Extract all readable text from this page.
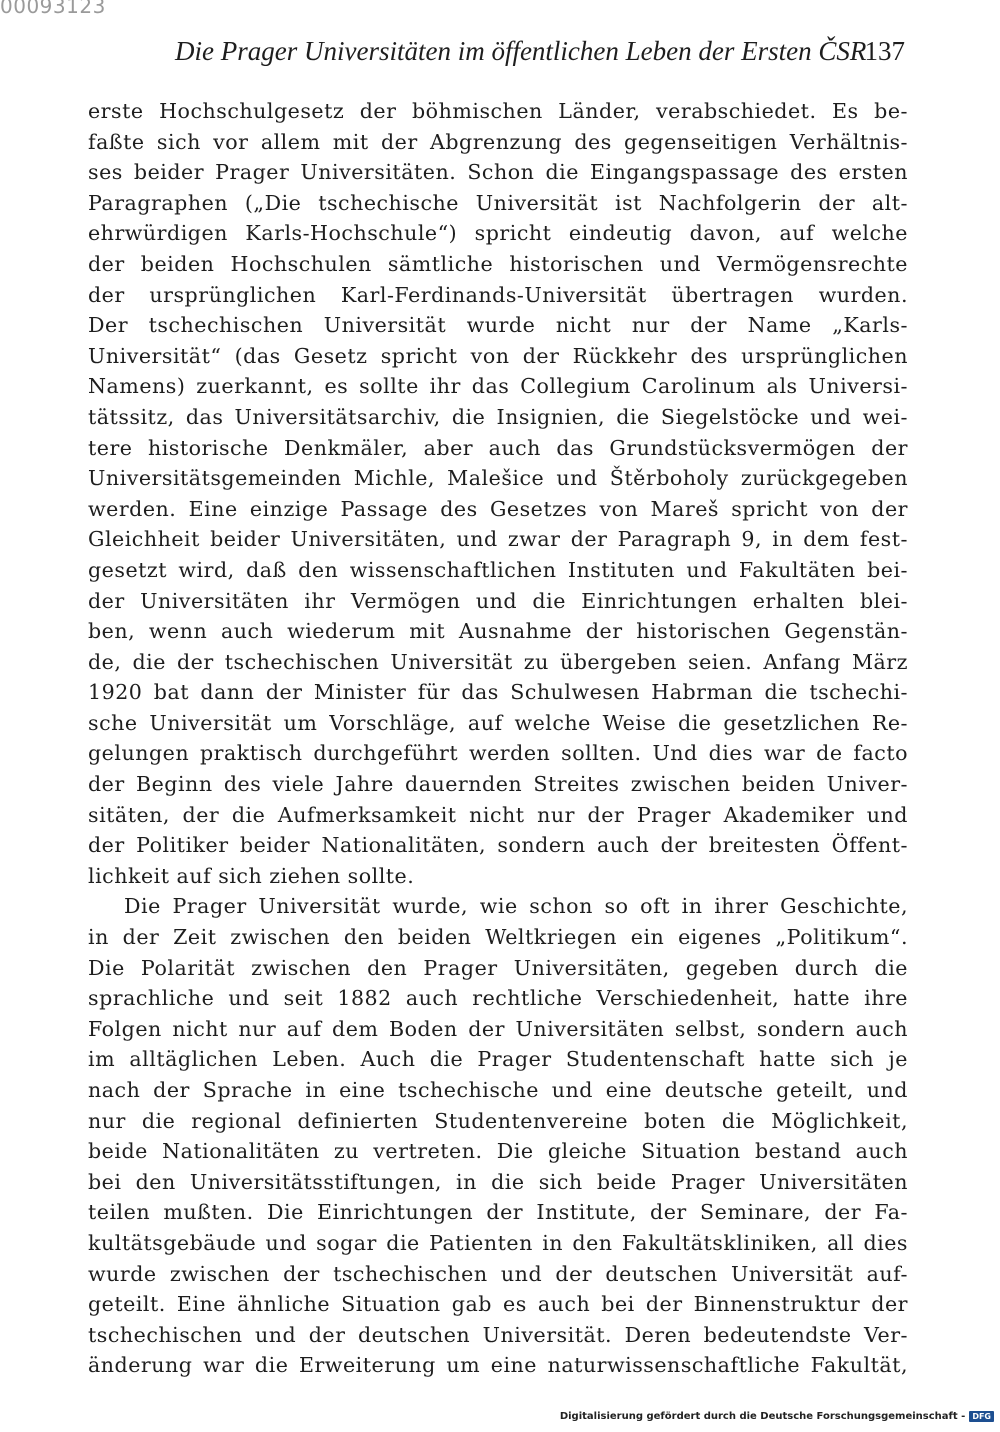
00093123
Die Prager Universitäten im öffentlichen Leben der Ersten ČSR
137
erste Hochschulgesetz der böhmischen Länder, verabschiedet. Es be-
faßte sich vor allem mit der Abgrenzung des gegenseitigen Verhältnis-
ses beider Prager Universitäten. Schon die Eingangspassage des ersten
Paragraphen („Die tschechische Universität ist Nachfolgerin der alt-
ehrwürdigen Karls-Hochschule“) spricht eindeutig davon, auf welche
der beiden Hochschulen sämtliche historischen und Vermögensrechte
der ursprünglichen Karl-Ferdinands-Universität übertragen wurden.
Der tschechischen Universität wurde nicht nur der Name „Karls-
Universität“ (das Gesetz spricht von der Rückkehr des ursprünglichen
Namens) zuerkannt, es sollte ihr das Collegium Carolinum als Universi-
tätssitz, das Universitätsarchiv, die Insignien, die Siegelstöcke und wei-
tere historische Denkmäler, aber auch das Grundstücksvermögen der
Universitätsgemeinden Michle, Malešice und Štěrboholy zurückgegeben
werden. Eine einzige Passage des Gesetzes von Mareš spricht von der
Gleichheit beider Universitäten, und zwar der Paragraph 9, in dem fest-
gesetzt wird, daß den wissenschaftlichen Instituten und Fakultäten bei-
der Universitäten ihr Vermögen und die Einrichtungen erhalten blei-
ben, wenn auch wiederum mit Ausnahme der historischen Gegenstän-
de, die der tschechischen Universität zu übergeben seien. Anfang März
1920 bat dann der Minister für das Schulwesen Habrman die tschechi-
sche Universität um Vorschläge, auf welche Weise die gesetzlichen Re-
gelungen praktisch durchgeführt werden sollten. Und dies war de facto
der Beginn des viele Jahre dauernden Streites zwischen beiden Univer-
sitäten, der die Aufmerksamkeit nicht nur der Prager Akademiker und
der Politiker beider Nationalitäten, sondern auch der breitesten Öffent-
lichkeit auf sich ziehen sollte.
Die Prager Universität wurde, wie schon so oft in ihrer Geschichte,
in der Zeit zwischen den beiden Weltkriegen ein eigenes „Politikum“.
Die Polarität zwischen den Prager Universitäten, gegeben durch die
sprachliche und seit 1882 auch rechtliche Verschiedenheit, hatte ihre
Folgen nicht nur auf dem Boden der Universitäten selbst, sondern auch
im alltäglichen Leben. Auch die Prager Studentenschaft hatte sich je
nach der Sprache in eine tschechische und eine deutsche geteilt, und
nur die regional definierten Studentenvereine boten die Möglichkeit,
beide Nationalitäten zu vertreten. Die gleiche Situation bestand auch
bei den Universitätsstiftungen, in die sich beide Prager Universitäten
teilen mußten. Die Einrichtungen der Institute, der Seminare, der Fa-
kultätsgebäude und sogar die Patienten in den Fakultätskliniken, all dies
wurde zwischen der tschechischen und der deutschen Universität auf-
geteilt. Eine ähnliche Situation gab es auch bei der Binnenstruktur der
tschechischen und der deutschen Universität. Deren bedeutendste Ver-
änderung war die Erweiterung um eine naturwissenschaftliche Fakultät,
Digitalisierung gefördert durch die Deutsche Forschungsgemeinschaft - DFG
